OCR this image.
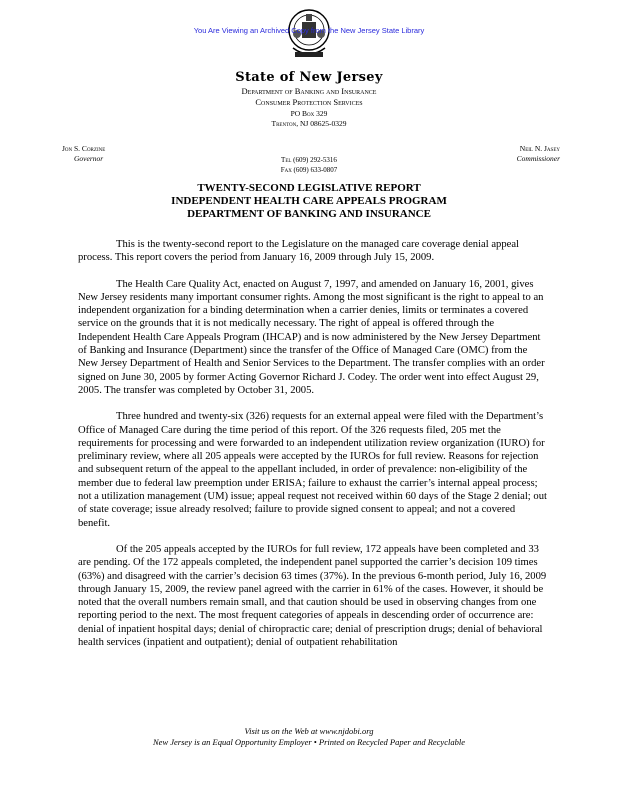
You Are Viewing an Archived Copy from the New Jersey State Library
State of New Jersey
Department of Banking and Insurance
Consumer Protection Services
PO Box 329
Trenton, NJ 08625-0329
Jon S. Corzine
Governor	Tel (609) 292-5316
Fax (609) 633-0807
Neil N. Jasey
Commissioner
TWENTY-SECOND LEGISLATIVE REPORT
INDEPENDENT HEALTH CARE APPEALS PROGRAM
DEPARTMENT OF BANKING AND INSURANCE

This is the twenty-second report to the Legislature on the managed care coverage denial appeal process. This report covers the period from January 16, 2009 through July 15, 2009.

The Health Care Quality Act, enacted on August 7, 1997, and amended on January 16, 2001, gives New Jersey residents many important consumer rights. Among the most significant is the right to appeal to an independent organization for a binding determination when a carrier denies, limits or terminates a covered service on the grounds that it is not medically necessary. The right of appeal is offered through the Independent Health Care Appeals Program (IHCAP) and is now administered by the New Jersey Department of Banking and Insurance (Department) since the transfer of the Office of Managed Care (OMC) from the New Jersey Department of Health and Senior Services to the Department. The transfer complies with an order signed on June 30, 2005 by former Acting Governor Richard J. Codey. The order went into effect August 29, 2005. The transfer was completed by October 31, 2005.

Three hundred and twenty-six (326) requests for an external appeal were filed with the Department’s Office of Managed Care during the time period of this report. Of the 326 requests filed, 205 met the requirements for processing and were forwarded to an independent utilization review organization (IURO) for preliminary review, where all 205 appeals were accepted by the IUROs for full review. Reasons for rejection and subsequent return of the appeal to the appellant included, in order of prevalence: non-eligibility of the member due to federal law preemption under ERISA; failure to exhaust the carrier’s internal appeal process; not a utilization management (UM) issue; appeal request not received within 60 days of the Stage 2 denial; out of state coverage; issue already resolved; failure to provide signed consent to appeal; and not a covered benefit.

Of the 205 appeals accepted by the IUROs for full review, 172 appeals have been completed and 33 are pending. Of the 172 appeals completed, the independent panel supported the carrier’s decision 109 times (63%) and disagreed with the carrier’s decision 63 times (37%). In the previous 6-month period, July 16, 2009 through January 15, 2009, the review panel agreed with the carrier in 61% of the cases. However, it should be noted that the overall numbers remain small, and that caution should be used in observing changes from one reporting period to the next. The most frequent categories of appeals in descending order of occurrence are: denial of inpatient hospital days; denial of chiropractic care; denial of prescription drugs; denial of behavioral health services (inpatient and outpatient); denial of outpatient rehabilitation

Visit us on the Web at www.njdobi.org
New Jersey is an Equal Opportunity Employer • Printed on Recycled Paper and Recyclable
